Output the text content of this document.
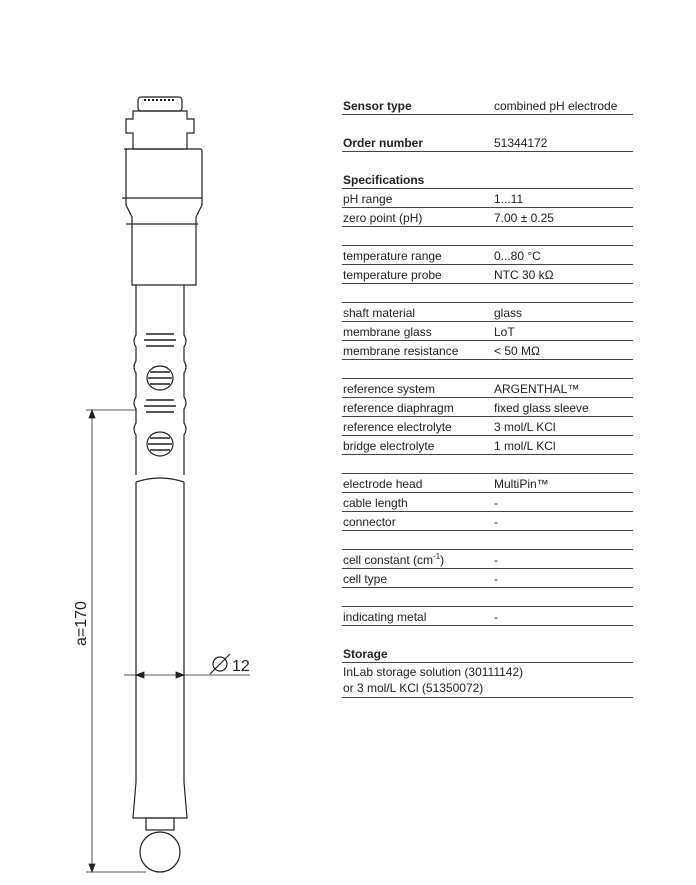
a=170
12
Sensor type	combined pH electrode
Order number	51344172
Specifications
pH range	1...11
zero point (pH)	7.00 ± 0.25
temperature range	0...80 °C
temperature probe	NTC 30 kΩ
shaft material	glass
membrane glass	LoT
membrane resistance	< 50 MΩ
reference system	ARGENTHAL™
reference diaphragm	fixed glass sleeve
reference electrolyte	3 mol/L KCl
bridge electrolyte	1 mol/L KCl
electrode head	MultiPin™
cable length	-
connector	-
cell constant $(cm^{-1})$	-
cell type	-
indicating metal	-
Storage
InLab storage solution (30111142)
or 3 mol/L KCl (51350072)
